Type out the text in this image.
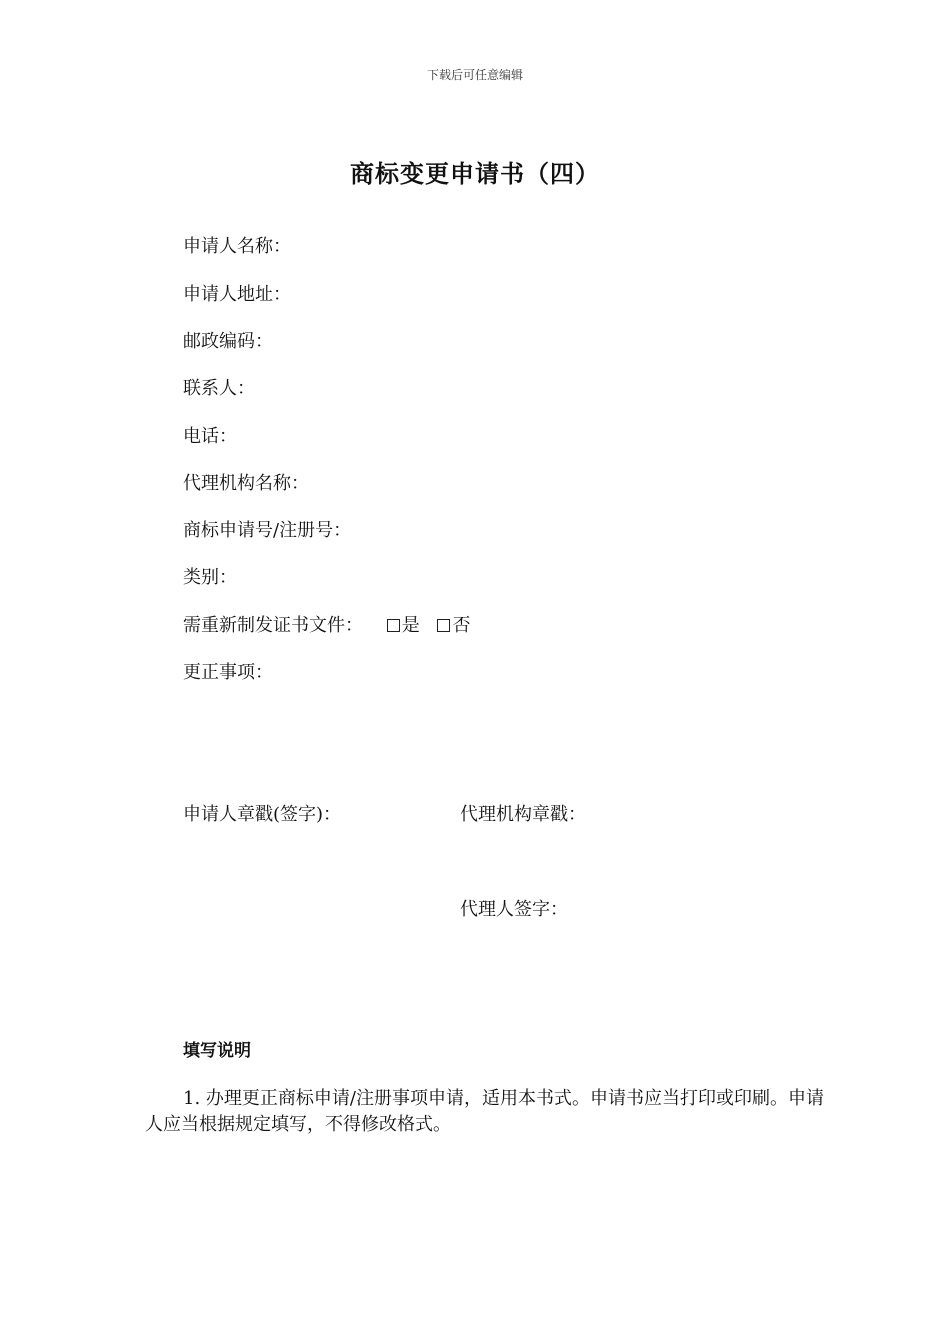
下载后可任意编辑
商标变更申请书（四）
申请人名称：
申请人地址：
邮政编码：
联系人：
电话：
代理机构名称：
商标申请号/注册号：
类别：
需重新制发证书文件： 是 否
更正事项：
申请人章戳(签字)：	代理机构章戳：
代理人签字：
填写说明

1. 办理更正商标申请/注册事项申请，适用本书式。申请书应当打印或印刷。申请人应当根据规定填写，不得修改格式。
